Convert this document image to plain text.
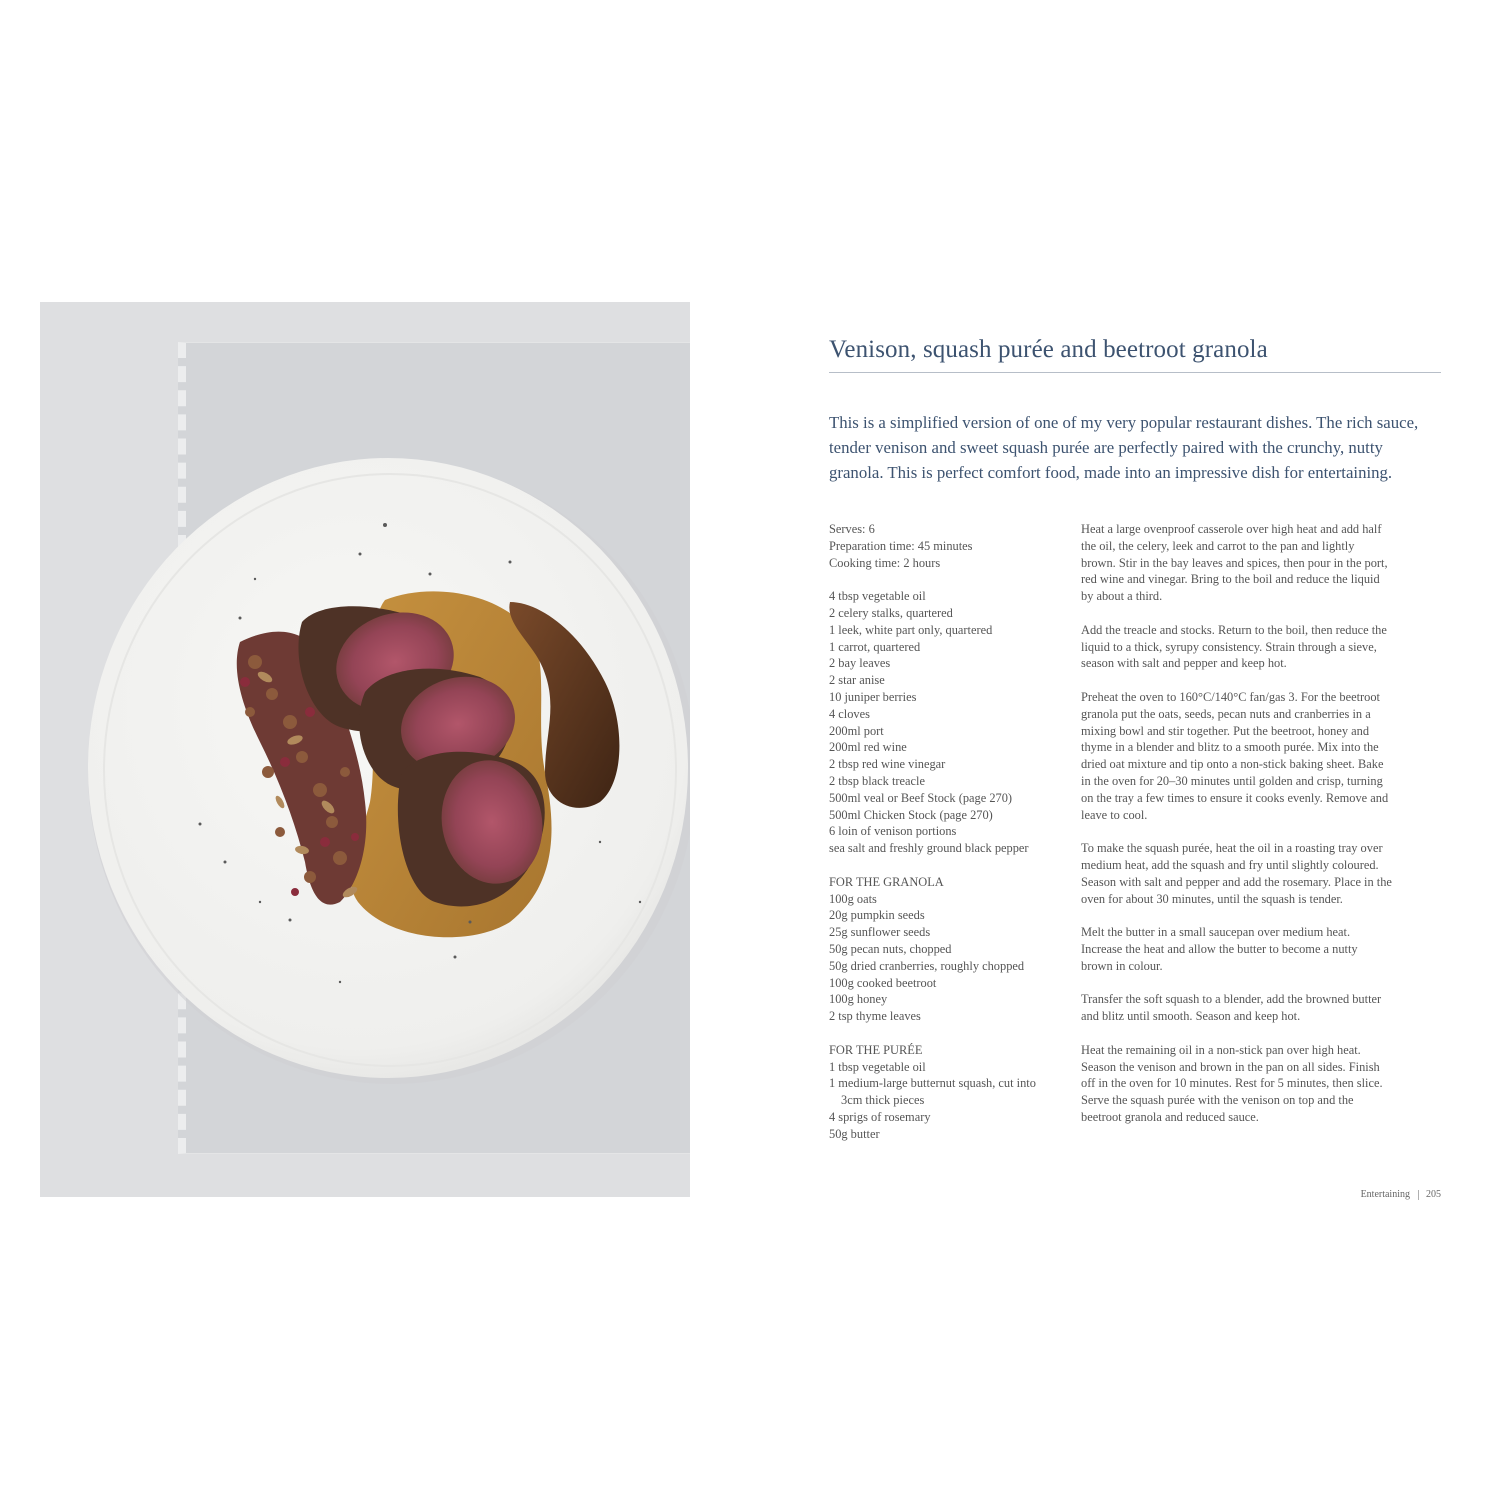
Venison, squash purée and beetroot granola
This is a simplified version of one of my very popular restaurant dishes. The rich sauce,
tender venison and sweet squash purée are perfectly paired with the crunchy, nutty
granola. This is perfect comfort food, made into an impressive dish for entertaining.
Serves: 6
Preparation time: 45 minutes
Cooking time: 2 hours
4 tbsp vegetable oil
2 celery stalks, quartered
1 leek, white part only, quartered
1 carrot, quartered
2 bay leaves
2 star anise
10 juniper berries
4 cloves
200ml port
200ml red wine
2 tbsp red wine vinegar
2 tbsp black treacle
500ml veal or Beef Stock (page 270)
500ml Chicken Stock (page 270)
6 loin of venison portions
sea salt and freshly ground black pepper
FOR THE GRANOLA
100g oats
20g pumpkin seeds
25g sunflower seeds
50g pecan nuts, chopped
50g dried cranberries, roughly chopped
100g cooked beetroot
100g honey
2 tsp thyme leaves
FOR THE PURÉE
1 tbsp vegetable oil
1 medium-large butternut squash, cut into
3cm thick pieces
4 sprigs of rosemary
50g butter
Heat a large ovenproof casserole over high heat and add half
the oil, the celery, leek and carrot to the pan and lightly
brown. Stir in the bay leaves and spices, then pour in the port,
red wine and vinegar. Bring to the boil and reduce the liquid
by about a third.
Add the treacle and stocks. Return to the boil, then reduce the
liquid to a thick, syrupy consistency. Strain through a sieve,
season with salt and pepper and keep hot.
Preheat the oven to 160°C/140°C fan/gas 3. For the beetroot
granola put the oats, seeds, pecan nuts and cranberries in a
mixing bowl and stir together. Put the beetroot, honey and
thyme in a blender and blitz to a smooth purée. Mix into the
dried oat mixture and tip onto a non-stick baking sheet. Bake
in the oven for 20–30 minutes until golden and crisp, turning
on the tray a few times to ensure it cooks evenly. Remove and
leave to cool.
To make the squash purée, heat the oil in a roasting tray over
medium heat, add the squash and fry until slightly coloured.
Season with salt and pepper and add the rosemary. Place in the
oven for about 30 minutes, until the squash is tender.
Melt the butter in a small saucepan over medium heat.
Increase the heat and allow the butter to become a nutty
brown in colour.
Transfer the soft squash to a blender, add the browned butter
and blitz until smooth. Season and keep hot.
Heat the remaining oil in a non-stick pan over high heat.
Season the venison and brown in the pan on all sides. Finish
off in the oven for 10 minutes. Rest for 5 minutes, then slice.
Serve the squash purée with the venison on top and the
beetroot granola and reduced sauce.
Entertaining 205
